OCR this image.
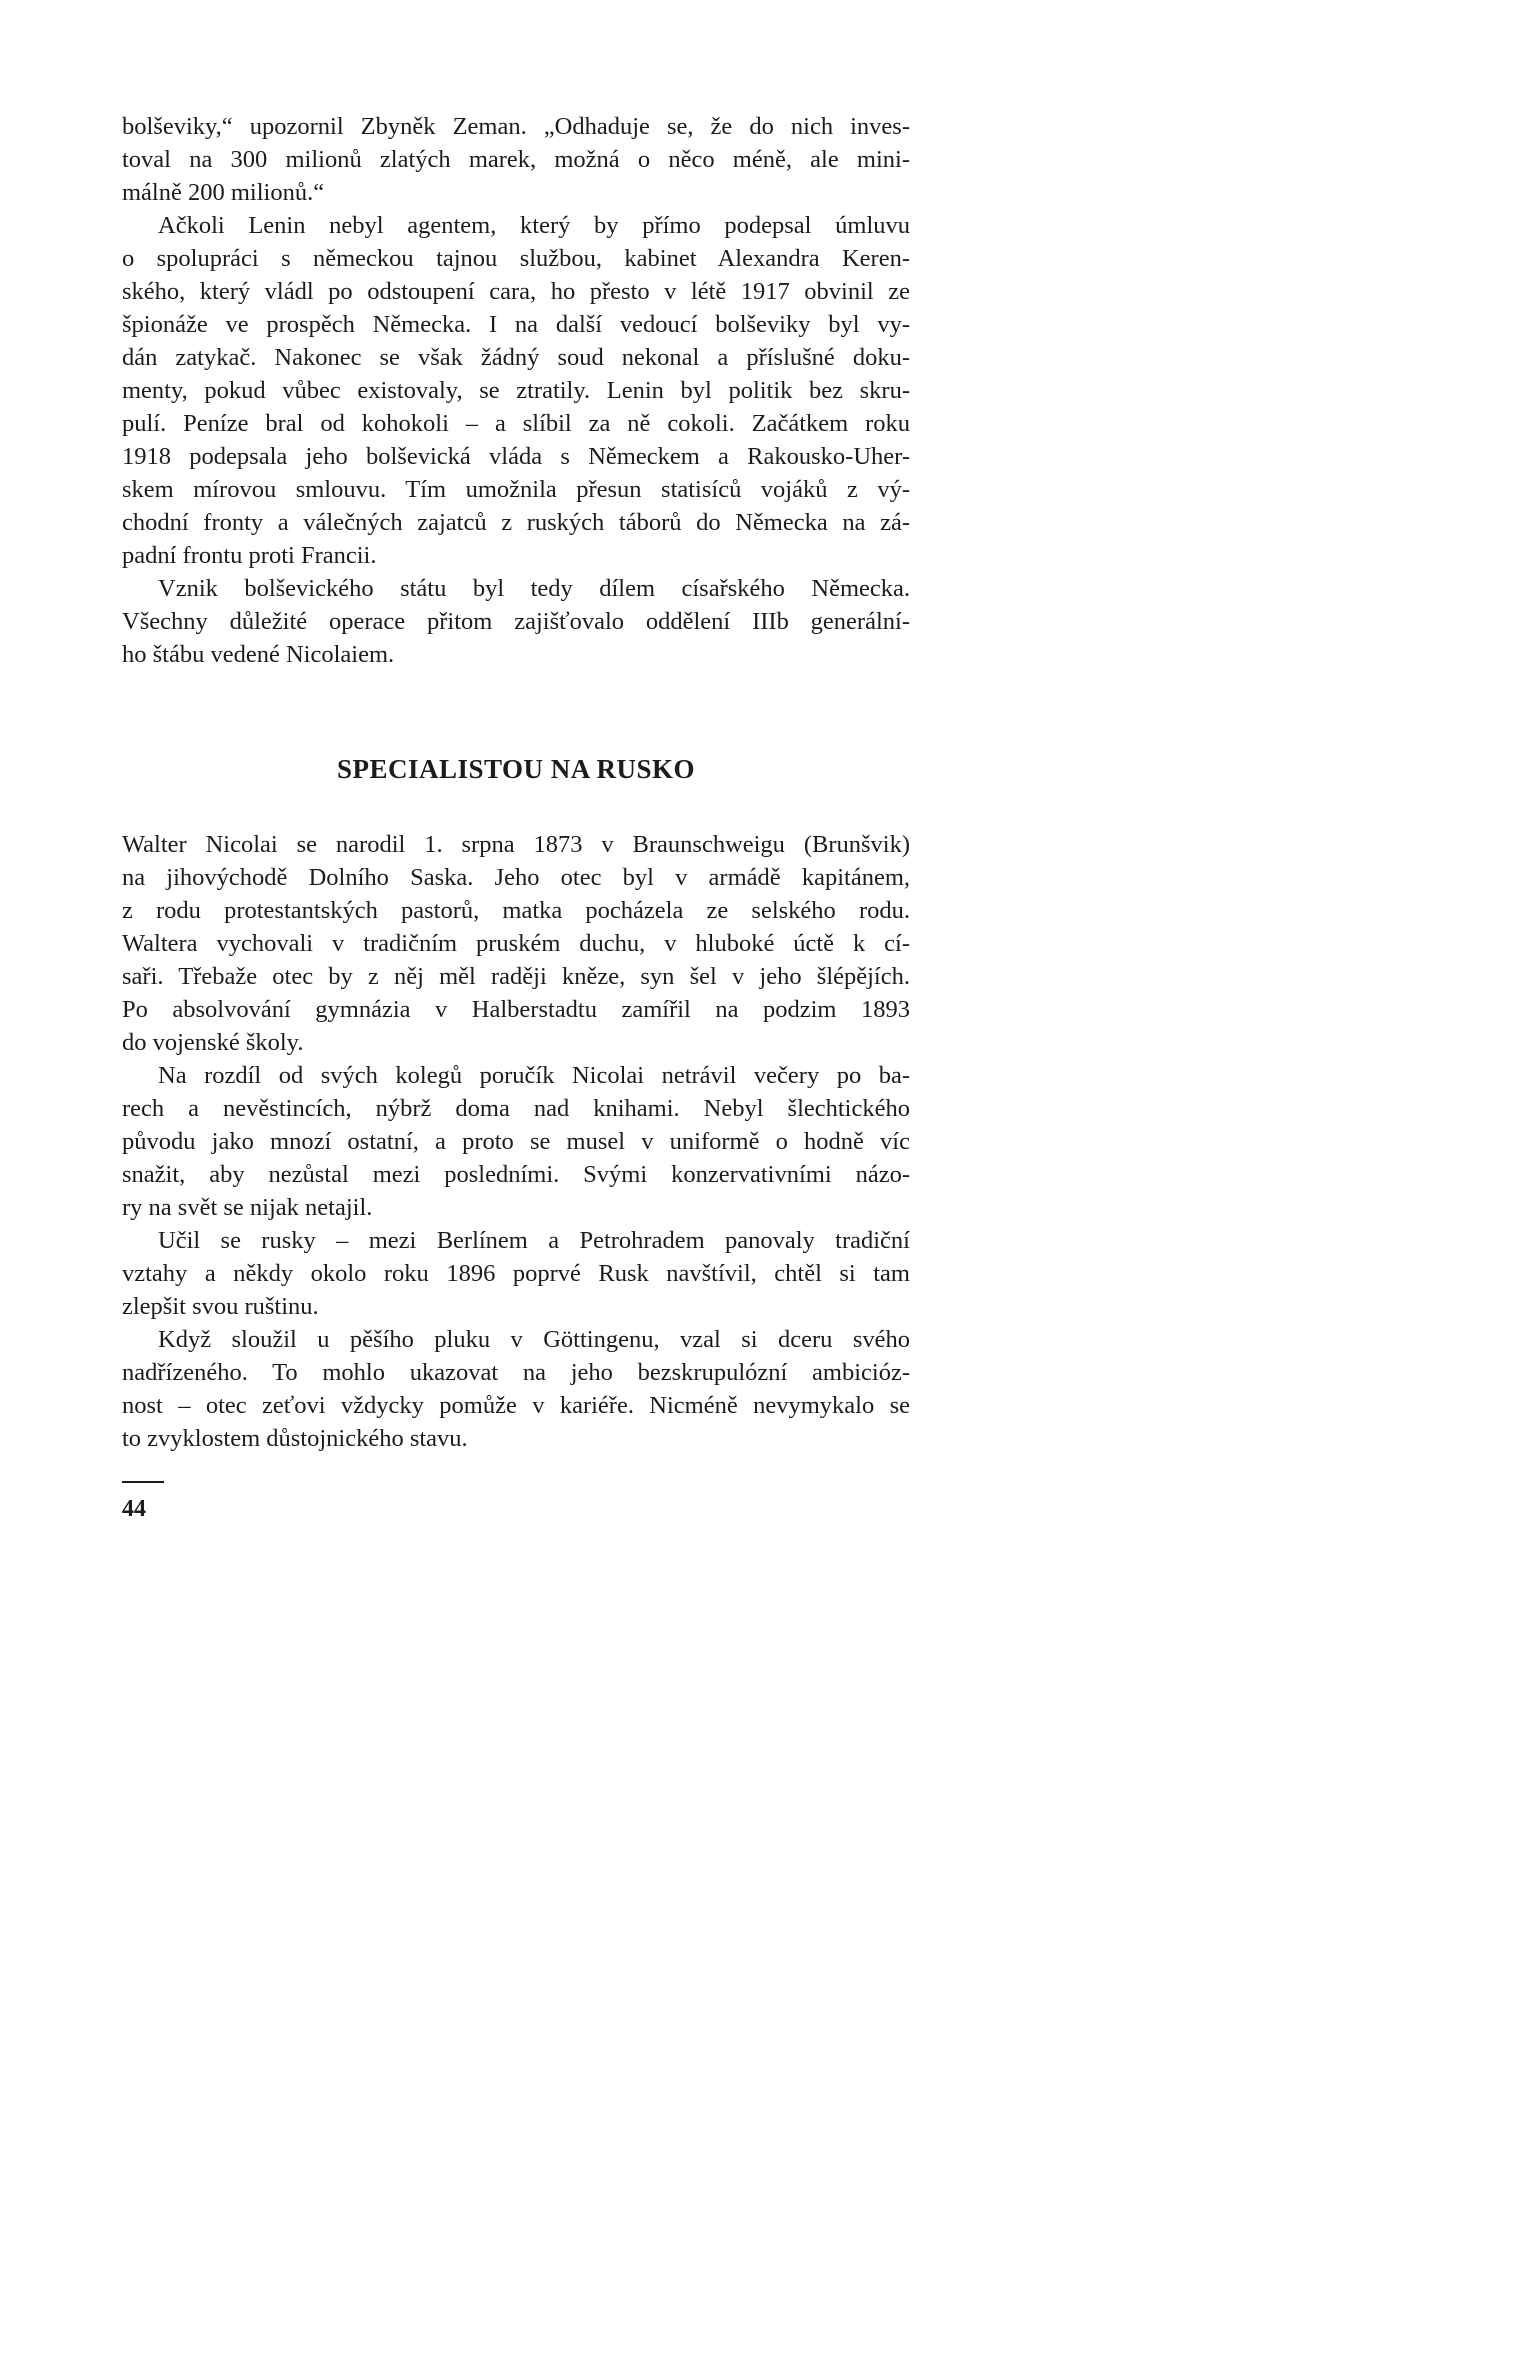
bolševiky,“ upozornil Zbyněk Zeman. „Odhaduje se, že do nich inves-
toval na 300 milionů zlatých marek, možná o něco méně, ale mini-
málně 200 milionů.“
Ačkoli Lenin nebyl agentem, který by přímo podepsal úmluvu
o spolupráci s německou tajnou službou, kabinet Alexandra Keren-
ského, který vládl po odstoupení cara, ho přesto v létě 1917 obvinil ze
špionáže ve prospěch Německa. I na další vedoucí bolševiky byl vy-
dán zatykač. Nakonec se však žádný soud nekonal a příslušné doku-
menty, pokud vůbec existovaly, se ztratily. Lenin byl politik bez skru-
pulí. Peníze bral od kohokoli – a slíbil za ně cokoli. Začátkem roku
1918 podepsala jeho bolševická vláda s Německem a Rakousko-Uher-
skem mírovou smlouvu. Tím umožnila přesun statisíců vojáků z vý-
chodní fronty a válečných zajatců z ruských táborů do Německa na zá-
padní frontu proti Francii.
Vznik bolševického státu byl tedy dílem císařského Německa.
Všechny důležité operace přitom zajišťovalo oddělení IIIb generální-
ho štábu vedené Nicolaiem.
SPECIALISTOU NA RUSKO
Walter Nicolai se narodil 1. srpna 1873 v Braunschweigu (Brunšvik)
na jihovýchodě Dolního Saska. Jeho otec byl v armádě kapitánem,
z rodu protestantských pastorů, matka pocházela ze selského rodu.
Waltera vychovali v tradičním pruském duchu, v hluboké úctě k cí-
saři. Třebaže otec by z něj měl raději kněze, syn šel v jeho šlépějích.
Po absolvování gymnázia v Halberstadtu zamířil na podzim 1893
do vojenské školy.
Na rozdíl od svých kolegů poručík Nicolai netrávil večery po ba-
rech a nevěstincích, nýbrž doma nad knihami. Nebyl šlechtického
původu jako mnozí ostatní, a proto se musel v uniformě o hodně víc
snažit, aby nezůstal mezi posledními. Svými konzervativními názo-
ry na svět se nijak netajil.
Učil se rusky – mezi Berlínem a Petrohradem panovaly tradiční
vztahy a někdy okolo roku 1896 poprvé Rusk navštívil, chtěl si tam
zlepšit svou ruštinu.
Když sloužil u pěšího pluku v Göttingenu, vzal si dceru svého
nadřízeného. To mohlo ukazovat na jeho bezskrupulózní ambicióz-
nost – otec zeťovi vždycky pomůže v kariéře. Nicméně nevymykalo se
to zvyklostem důstojnického stavu.
44
